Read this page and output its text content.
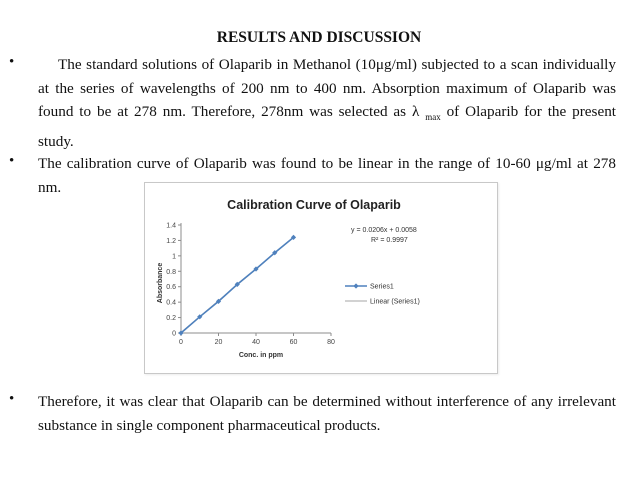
RESULTS AND DISCUSSION
•	The standard solutions of Olaparib in Methanol (10μg/ml) subjected to a scan individually at the series of wavelengths of 200 nm to 400 nm. Absorption maximum of Olaparib was found to be at 278 nm. Therefore, 278nm was selected as λ $_{max}$ of Olaparib for the present study.
• The calibration curve of Olaparib was found to be linear in the range of 10-60 μg/ml at 278 nm.
Calibration Curve of Olaparib
0
0.2
0.4
0.6
0.8
1
1.2
1.4
0	20	40	60	80
Conc. in ppm
Absorbance
y = 0.0206x + 0.0058
R² = 0.9997
Series1
Linear (Series1)
• Therefore, it was clear that Olaparib can be determined without interference of any irrelevant substance in single component pharmaceutical products.
